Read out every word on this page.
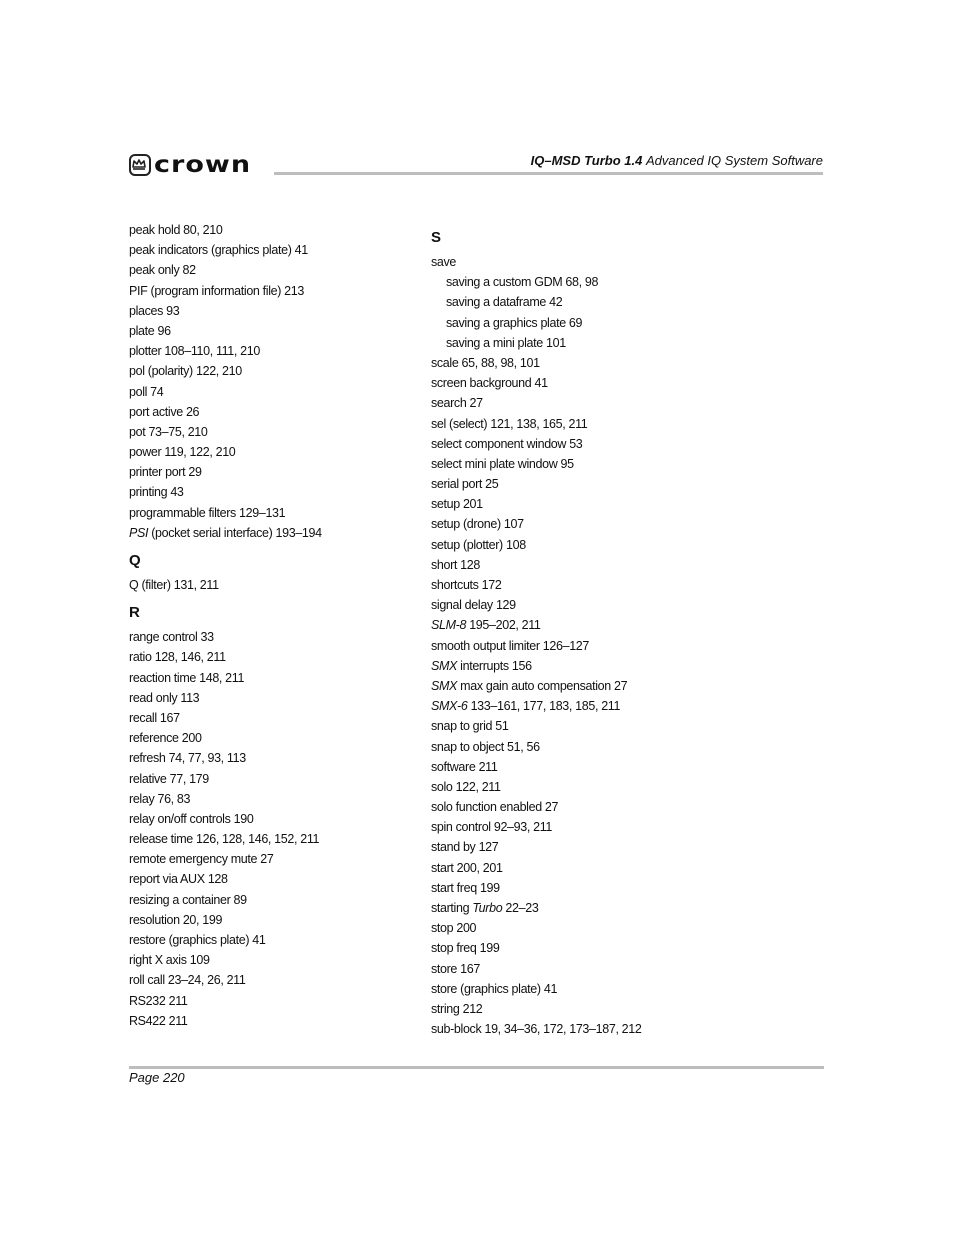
crown	IQ–MSD Turbo 1.4 Advanced IQ System Software
peak hold 80, 210
peak indicators (graphics plate) 41
peak only 82
PIF (program information file) 213
places 93
plate 96
plotter 108–110, 111, 210
pol (polarity) 122, 210
poll 74
port active 26
pot 73–75, 210
power 119, 122, 210
printer port 29
printing 43
programmable filters 129–131
PSI (pocket serial interface) 193–194
Q
Q (filter) 131, 211
R
range control 33
ratio 128, 146, 211
reaction time 148, 211
read only 113
recall 167
reference 200
refresh 74, 77, 93, 113
relative 77, 179
relay 76, 83
relay on/off controls 190
release time 126, 128, 146, 152, 211
remote emergency mute 27
report via AUX 128
resizing a container 89
resolution 20, 199
restore (graphics plate) 41
right X axis 109
roll call 23–24, 26, 211
RS232 211
RS422 211
S
save
saving a custom GDM 68, 98
saving a dataframe 42
saving a graphics plate 69
saving a mini plate 101
scale 65, 88, 98, 101
screen background 41
search 27
sel (select) 121, 138, 165, 211
select component window 53
select mini plate window 95
serial port 25
setup 201
setup (drone) 107
setup (plotter) 108
short 128
shortcuts 172
signal delay 129
SLM-8 195–202, 211
smooth output limiter 126–127
SMX interrupts 156
SMX max gain auto compensation 27
SMX-6 133–161, 177, 183, 185, 211
snap to grid 51
snap to object 51, 56
software 211
solo 122, 211
solo function enabled 27
spin control 92–93, 211
stand by 127
start 200, 201
start freq 199
starting Turbo 22–23
stop 200
stop freq 199
store 167
store (graphics plate) 41
string 212
sub-block 19, 34–36, 172, 173–187, 212
Page 220
